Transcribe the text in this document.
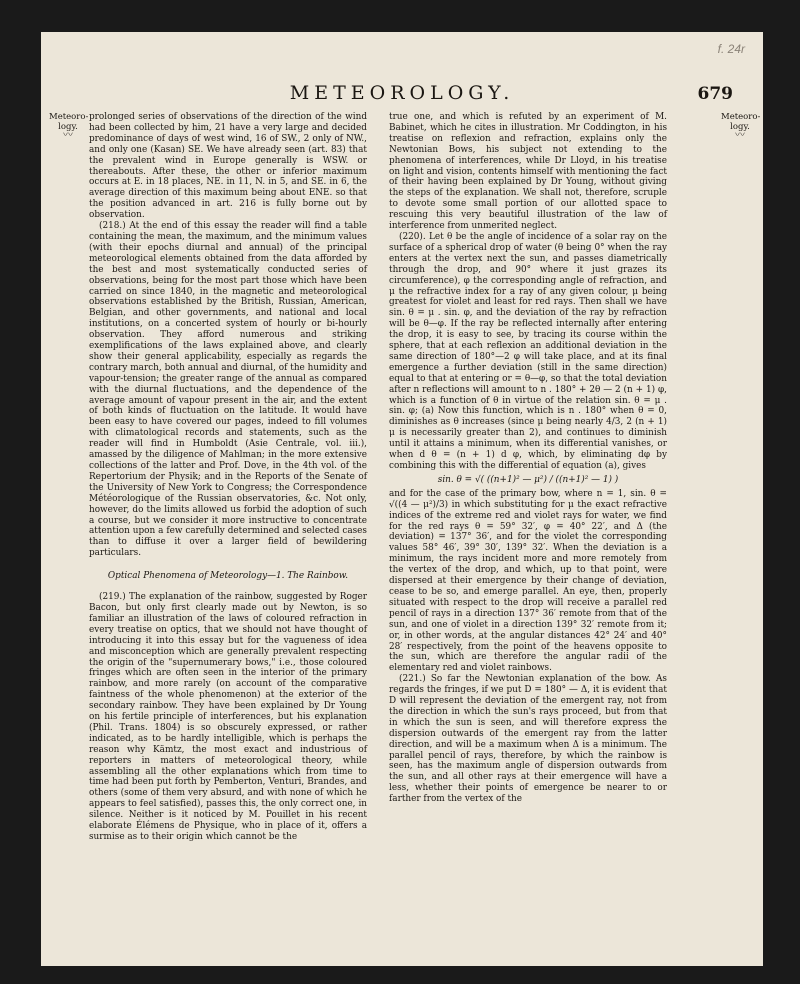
f. 24r
METEOROLOGY.	679
Meteoro-logy.
〰
Meteoro-logy.
〰

prolonged series of observations of the direction of the wind had been collected by him, 21 have a very large and decided predominance of days of west wind, 16 of SW., 2 only of NW., and only one (Kasan) SE. We have already seen (art. 83) that the prevalent wind in Europe generally is WSW. or thereabouts. After these, the other or inferior maximum occurs at E. in 18 places, NE. in 11, N. in 5, and SE. in 6, the average direction of this maximum being about ENE. so that the position advanced in art. 216 is fully borne out by observation.

(218.) At the end of this essay the reader will find a table containing the mean, the maximum, and the minimum values (with their epochs diurnal and annual) of the principal meteorological elements obtained from the data afforded by the best and most systematically conducted series of observations, being for the most part those which have been carried on since 1840, in the magnetic and meteorological observations established by the British, Russian, American, Belgian, and other governments, and national and local institutions, on a concerted system of hourly or bi-hourly observation. They afford numerous and striking exemplifications of the laws explained above, and clearly show their general applicability, especially as regards the contrary march, both annual and diurnal, of the humidity and vapour-tension; the greater range of the annual as compared with the diurnal fluctuations, and the dependence of the average amount of vapour present in the air, and the extent of both kinds of fluctuation on the latitude. It would have been easy to have covered our pages, indeed to fill volumes with climatological records and statements, such as the reader will find in Humboldt (Asie Centrale, vol. iii.), amassed by the diligence of Mahlman; in the more extensive collections of the latter and Prof. Dove, in the 4th vol. of the Repertorium der Physik; and in the Reports of the Senate of the University of New York to Congress; the Correspondence Météorologique of the Russian observatories, &c. Not only, however, do the limits allowed us forbid the adoption of such a course, but we consider it more instructive to concentrate attention upon a few carefully determined and selected cases than to diffuse it over a larger field of bewildering particulars.

Optical Phenomena of Meteorology—1. The Rainbow.

(219.) The explanation of the rainbow, suggested by Roger Bacon, but only first clearly made out by Newton, is so familiar an illustration of the laws of coloured refraction in every treatise on optics, that we should not have thought of introducing it into this essay but for the vagueness of idea and misconception which are generally prevalent respecting the origin of the "supernumerary bows," i.e., those coloured fringes which are often seen in the interior of the primary rainbow, and more rarely (on account of the comparative faintness of the whole phenomenon) at the exterior of the secondary rainbow. They have been explained by Dr Young on his fertile principle of interferences, but his explanation (Phil. Trans. 1804) is so obscurely expressed, or rather indicated, as to be hardly intelligible, which is perhaps the reason why Kämtz, the most exact and industrious of reporters in matters of meteorological theory, while assembling all the other explanations which from time to time had been put forth by Pemberton, Venturi, Brandes, and others (some of them very absurd, and with none of which he appears to feel satisfied), passes this, the only correct one, in silence. Neither is it noticed by M. Pouillet in his recent elaborate Élémens de Physique, who in place of it, offers a surmise as to their origin which cannot be the

true one, and which is refuted by an experiment of M. Babinet, which he cites in illustration. Mr Coddington, in his treatise on reflexion and refraction, explains only the Newtonian Bows, his subject not extending to the phenomena of interferences, while Dr Lloyd, in his treatise on light and vision, contents himself with mentioning the fact of their having been explained by Dr Young, without giving the steps of the explanation. We shall not, therefore, scruple to devote some small portion of our allotted space to rescuing this very beautiful illustration of the law of interference from unmerited neglect.

(220). Let θ be the angle of incidence of a solar ray on the surface of a spherical drop of water (θ being 0° when the ray enters at the vertex next the sun, and passes diametrically through the drop, and 90° where it just grazes its circumference), φ the corresponding angle of refraction, and μ the refractive index for a ray of any given colour, μ being greatest for violet and least for red rays. Then shall we have sin. θ = μ . sin. φ, and the deviation of the ray by refraction will be θ—φ. If the ray be reflected internally after entering the drop, it is easy to see, by tracing its course within the sphere, that at each reflexion an additional deviation in the same direction of 180°—2 φ will take place, and at its final emergence a further deviation (still in the same direction) equal to that at entering or = θ—φ, so that the total deviation after n reflections will amount to n . 180° + 2θ — 2 (n + 1) φ, which is a function of θ in virtue of the relation sin. θ = μ . sin. φ; (a) Now this function, which is n . 180° when θ = 0, diminishes as θ increases (since μ being nearly 4/3, 2 (n + 1) μ is necessarily greater than 2), and continues to diminish until it attains a minimum, when its differential vanishes, or when d θ = (n + 1) d φ, which, by eliminating dφ by combining this with the differential of equation (a), gives

sin. θ = √( ((n+1)² — μ²) / ((n+1)² — 1) )

and for the case of the primary bow, where n = 1, sin. θ = √((4 — μ²)/3) in which substituting for μ the exact refractive indices of the extreme red and violet rays for water, we find for the red rays θ = 59° 32′, φ = 40° 22′, and Δ (the deviation) = 137° 36′, and for the violet the corresponding values 58° 46′, 39° 30′, 139° 32′. When the deviation is a minimum, the rays incident more and more remotely from the vertex of the drop, and which, up to that point, were dispersed at their emergence by their change of deviation, cease to be so, and emerge parallel. An eye, then, properly situated with respect to the drop will receive a parallel red pencil of rays in a direction 137° 36′ remote from that of the sun, and one of violet in a direction 139° 32′ remote from it; or, in other words, at the angular distances 42° 24′ and 40° 28′ respectively, from the point of the heavens opposite to the sun, which are therefore the angular radii of the elementary red and violet rainbows.

(221.) So far the Newtonian explanation of the bow. As regards the fringes, if we put D = 180° — Δ, it is evident that D will represent the deviation of the emergent ray, not from the direction in which the sun's rays proceed, but from that in which the sun is seen, and will therefore express the dispersion outwards of the emergent ray from the latter direction, and will be a maximum when Δ is a minimum. The parallel pencil of rays, therefore, by which the rainbow is seen, has the maximum angle of dispersion outwards from the sun, and all other rays at their emergence will have a less, whether their points of emergence be nearer to or farther from the vertex of the
